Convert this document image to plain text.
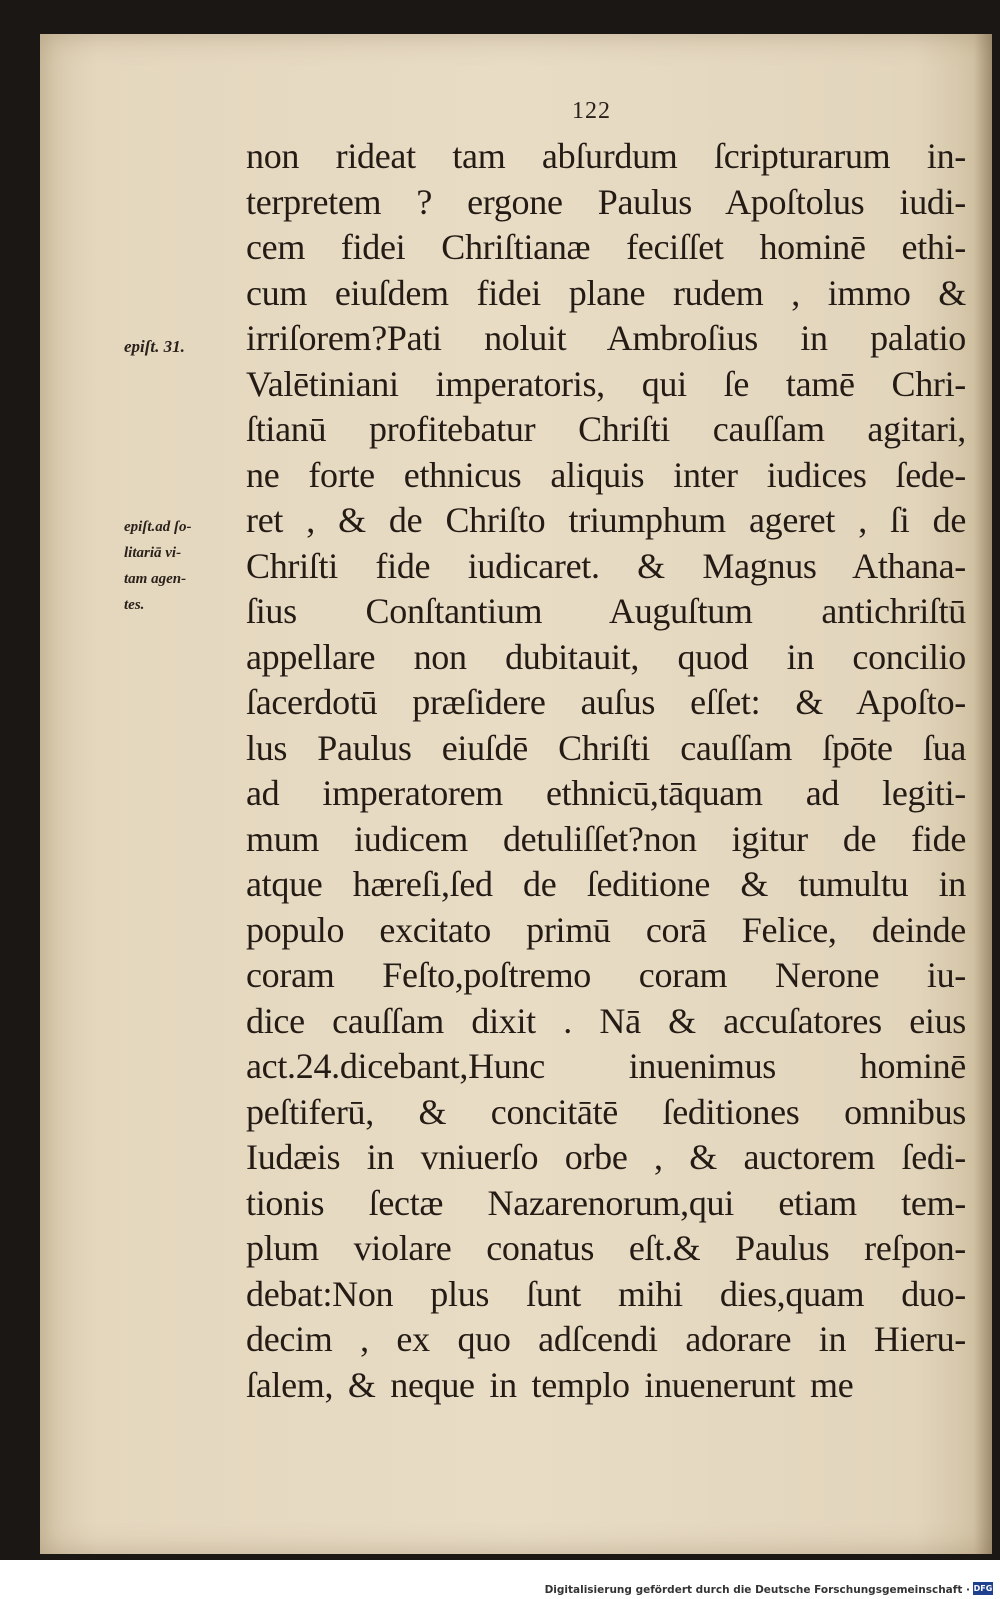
122
epiſt. 31.
epiſt.ad ſo-
litariā vi-
tam agen-
tes.
non rideat tam abſurdum ſcripturarum in-
terpretem ? ergone Paulus Apoſtolus iudi-
cem fidei Chriſtianæ feciſſet hominē ethi-
cum eiuſdem fidei plane rudem , immo &
irriſorem?Pati noluit Ambroſius in palatio
Valētiniani imperatoris, qui ſe tamē Chri-
ſtianū profitebatur Chriſti cauſſam agitari,
ne forte ethnicus aliquis inter iudices ſede-
ret , & de Chriſto triumphum ageret , ſi de
Chriſti fide iudicaret. & Magnus Athana-
ſius Conſtantium Auguſtum antichriſtū
appellare non dubitauit, quod in concilio
ſacerdotū præſidere auſus eſſet: & Apoſto-
lus Paulus eiuſdē Chriſti cauſſam ſpōte ſua
ad imperatorem ethnicū,tāquam ad legiti-
mum iudicem detuliſſet?non igitur de fide
atque hæreſi,ſed de ſeditione & tumultu in
populo excitato primū corā Felice, deinde
coram Feſto,poſtremo coram Nerone iu-
dice cauſſam dixit . Nā & accuſatores eius
act.24.dicebant,Hunc inuenimus hominē
peſtiferū, & concitātē ſeditiones omnibus
Iudæis in vniuerſo orbe , & auctorem ſedi-
tionis ſectæ Nazarenorum,qui etiam tem-
plum violare conatus eſt.& Paulus reſpon-
debat:Non plus ſunt mihi dies,quam duo-
decim , ex quo adſcendi adorare in Hieru-
ſalem, & neque in templo inuenerunt me
Digitalisierung gefördert durch die Deutsche Forschungsgemeinschaft · DFG
